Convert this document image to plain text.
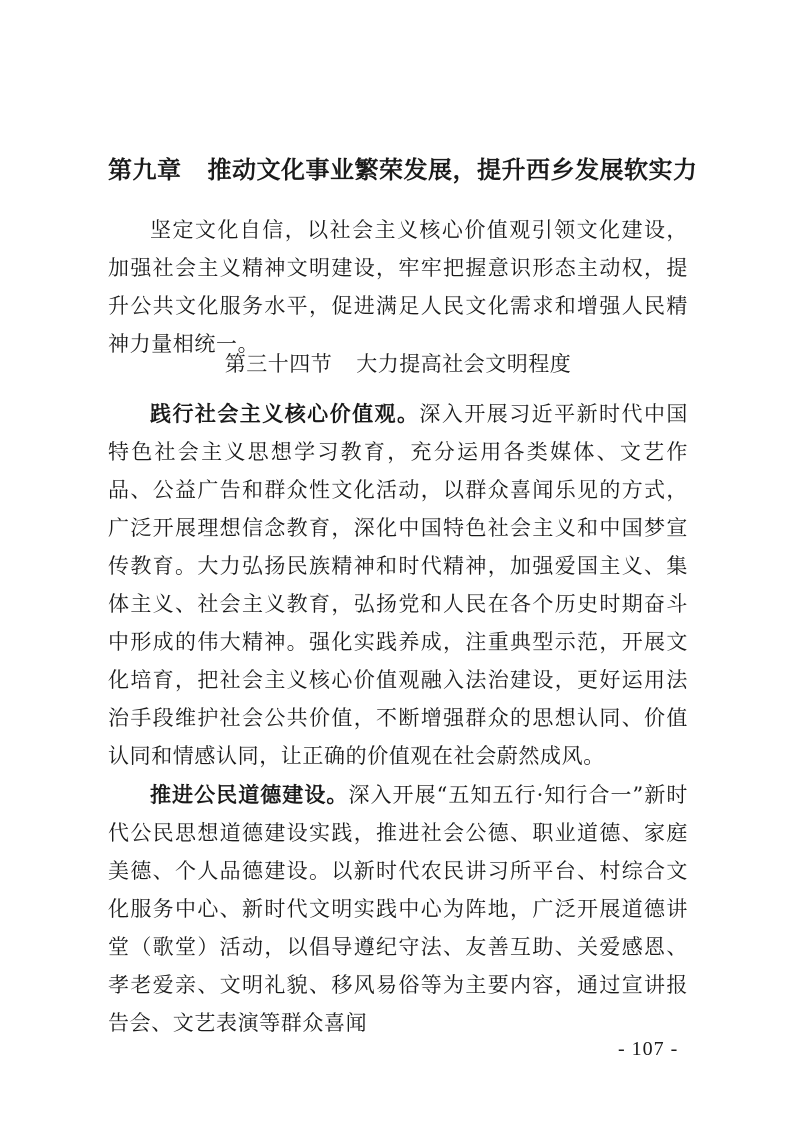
第九章 推动文化事业繁荣发展，提升西乡发展软实力

坚定文化自信，以社会主义核心价值观引领文化建设，加强社会主义精神文明建设，牢牢把握意识形态主动权，提升公共文化服务水平，促进满足人民文化需求和增强人民精神力量相统一。

第三十四节 大力提高社会文明程度

践行社会主义核心价值观。深入开展习近平新时代中国特色社会主义思想学习教育，充分运用各类媒体、文艺作品、公益广告和群众性文化活动，以群众喜闻乐见的方式，广泛开展理想信念教育，深化中国特色社会主义和中国梦宣传教育。大力弘扬民族精神和时代精神，加强爱国主义、集体主义、社会主义教育，弘扬党和人民在各个历史时期奋斗中形成的伟大精神。强化实践养成，注重典型示范，开展文化培育，把社会主义核心价值观融入法治建设，更好运用法治手段维护社会公共价值，不断增强群众的思想认同、价值认同和情感认同，让正确的价值观在社会蔚然成风。

推进公民道德建设。深入开展“五知五行·知行合一”新时代公民思想道德建设实践，推进社会公德、职业道德、家庭美德、个人品德建设。以新时代农民讲习所平台、村综合文化服务中心、新时代文明实践中心为阵地，广泛开展道德讲堂（歌堂）活动，以倡导遵纪守法、友善互助、关爱感恩、孝老爱亲、文明礼貌、移风易俗等为主要内容，通过宣讲报告会、文艺表演等群众喜闻

- 107 -
